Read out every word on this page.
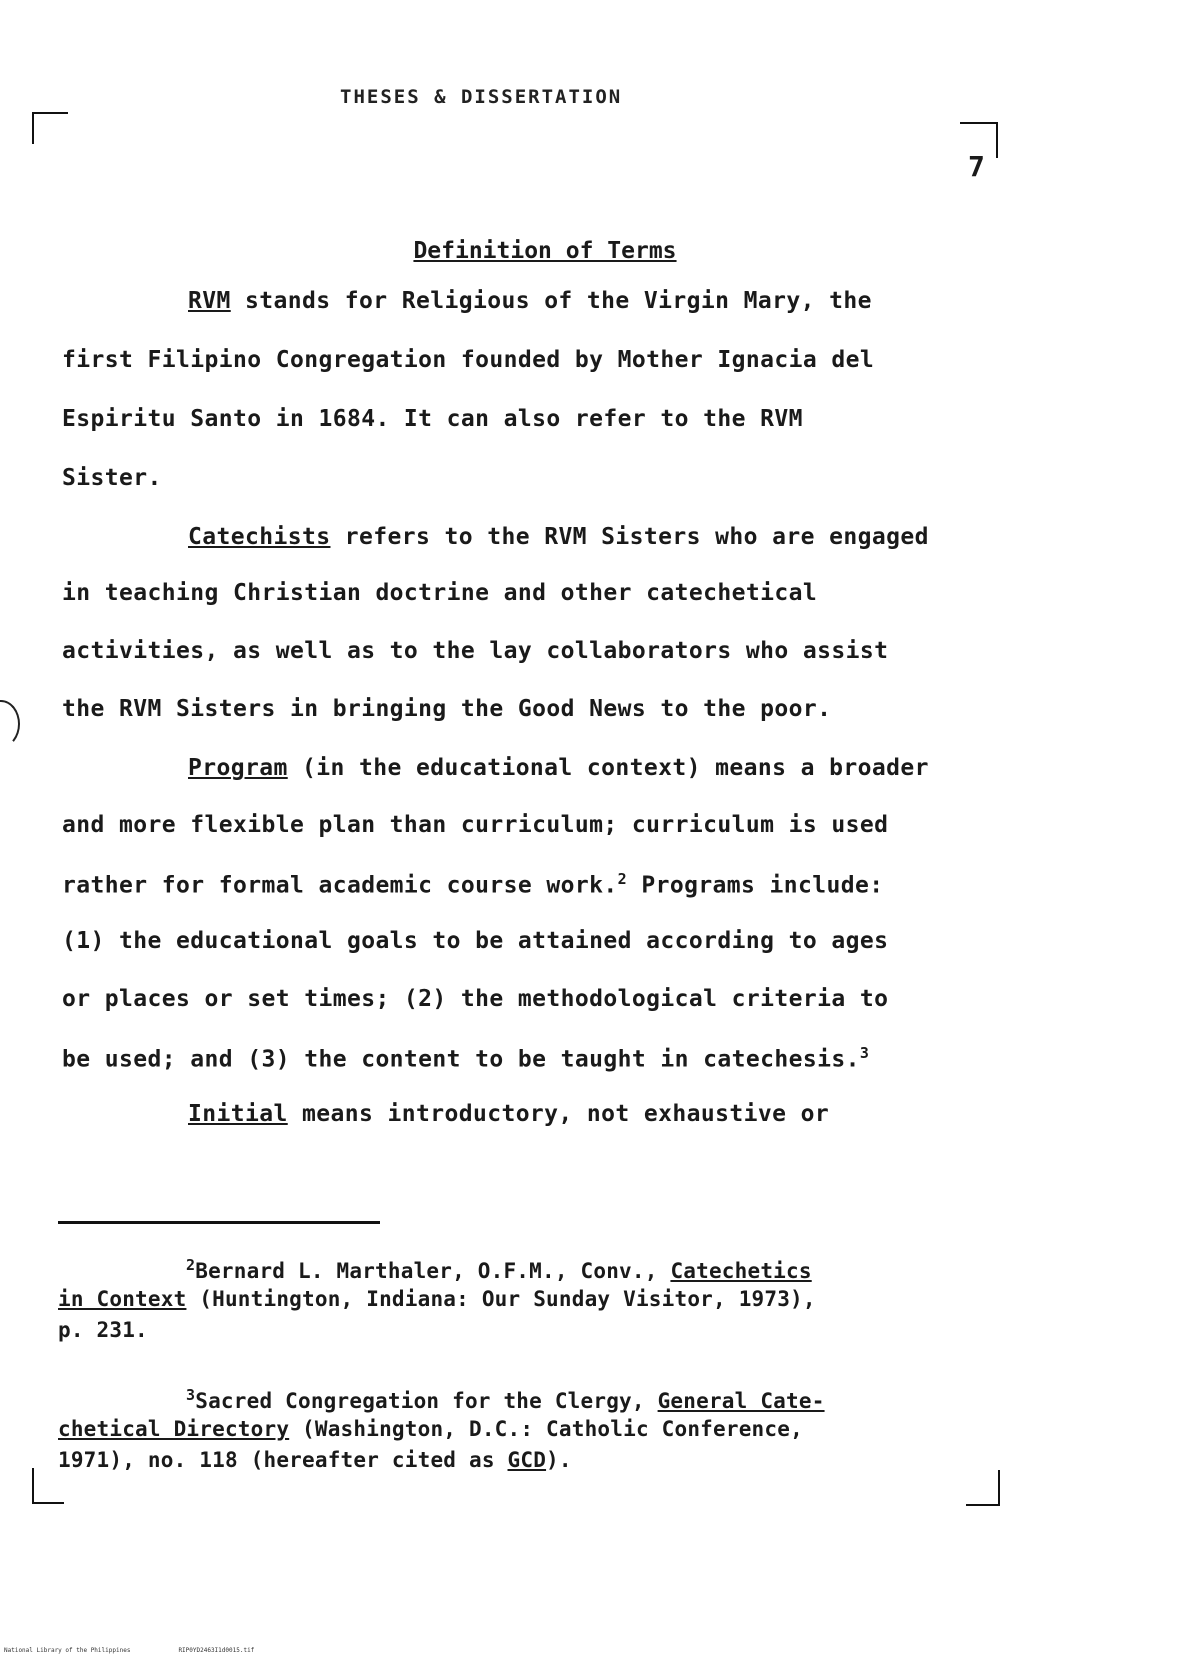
THESES & DISSERTATION
7
Definition of Terms
RVM stands for Religious of the Virgin Mary, the
first Filipino Congregation founded by Mother Ignacia del
Espiritu Santo in 1684. It can also refer to the RVM
Sister.
Catechists refers to the RVM Sisters who are engaged
in teaching Christian doctrine and other catechetical
activities, as well as to the lay collaborators who assist
the RVM Sisters in bringing the Good News to the poor.
Program (in the educational context) means a broader
and more flexible plan than curriculum; curriculum is used
rather for formal academic course work.$^2$ Programs include:
(1) the educational goals to be attained according to ages
or places or set times; (2) the methodological criteria to
be used; and (3) the content to be taught in catechesis.$^3$
Initial means introductory, not exhaustive or
$^2$Bernard L. Marthaler, O.F.M., Conv., Catechetics
in Context (Huntington, Indiana: Our Sunday Visitor, 1973),
p. 231.
$^3$Sacred Congregation for the Clergy, General Cate-
chetical Directory (Washington, D.C.: Catholic Conference,
1971), no. 118 (hereafter cited as GCD).
National Library of the Philippines	RIP0YD2463I1d0015.tif
